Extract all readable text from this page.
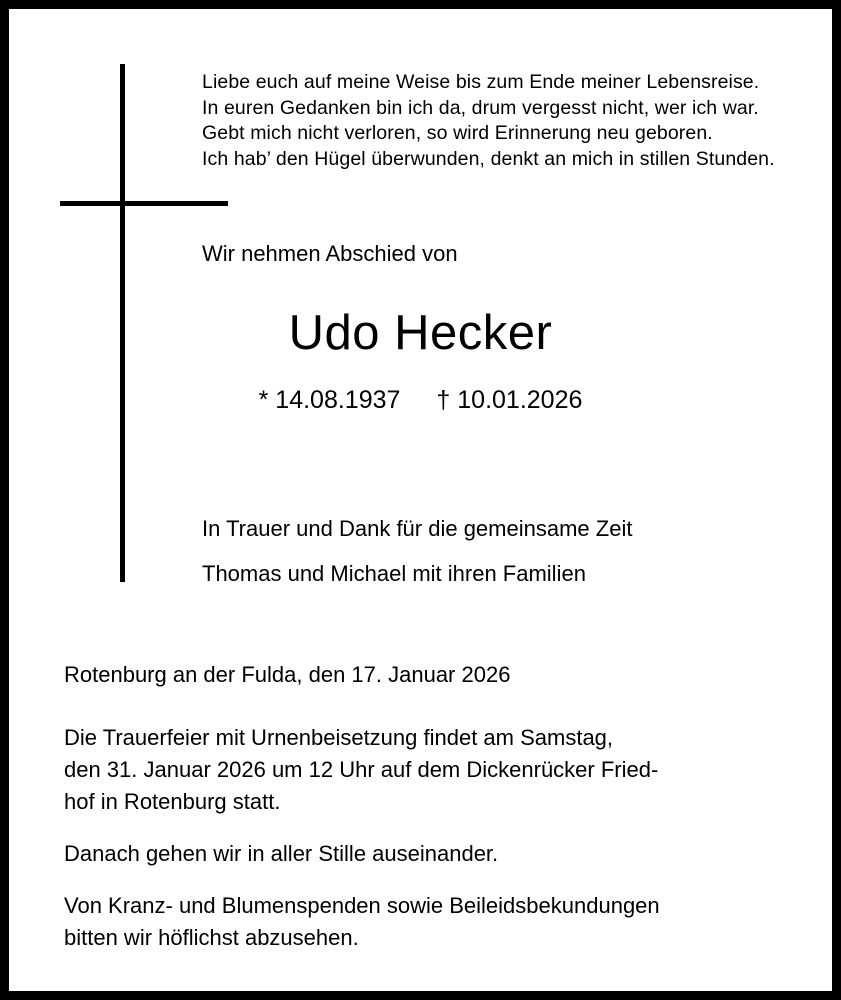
Liebe euch auf meine Weise bis zum Ende meiner Lebensreise.
In euren Gedanken bin ich da, drum vergesst nicht, wer ich war.
Gebt mich nicht verloren, so wird Erinnerung neu geboren.
Ich hab’ den Hügel überwunden, denkt an mich in stillen Stunden.
Wir nehmen Abschied von
Udo Hecker
* 14.08.1937 † 10.01.2026
In Trauer und Dank für die gemeinsame Zeit
Thomas und Michael mit ihren Familien
Rotenburg an der Fulda, den 17. Januar 2026

Die Trauerfeier mit Urnenbeisetzung findet am Samstag,
den 31. Januar 2026 um 12 Uhr auf dem Dickenrücker Fried-
hof in Rotenburg statt.

Danach gehen wir in aller Stille auseinander.

Von Kranz- und Blumenspenden sowie Beileidsbekundungen
bitten wir höflichst abzusehen.
